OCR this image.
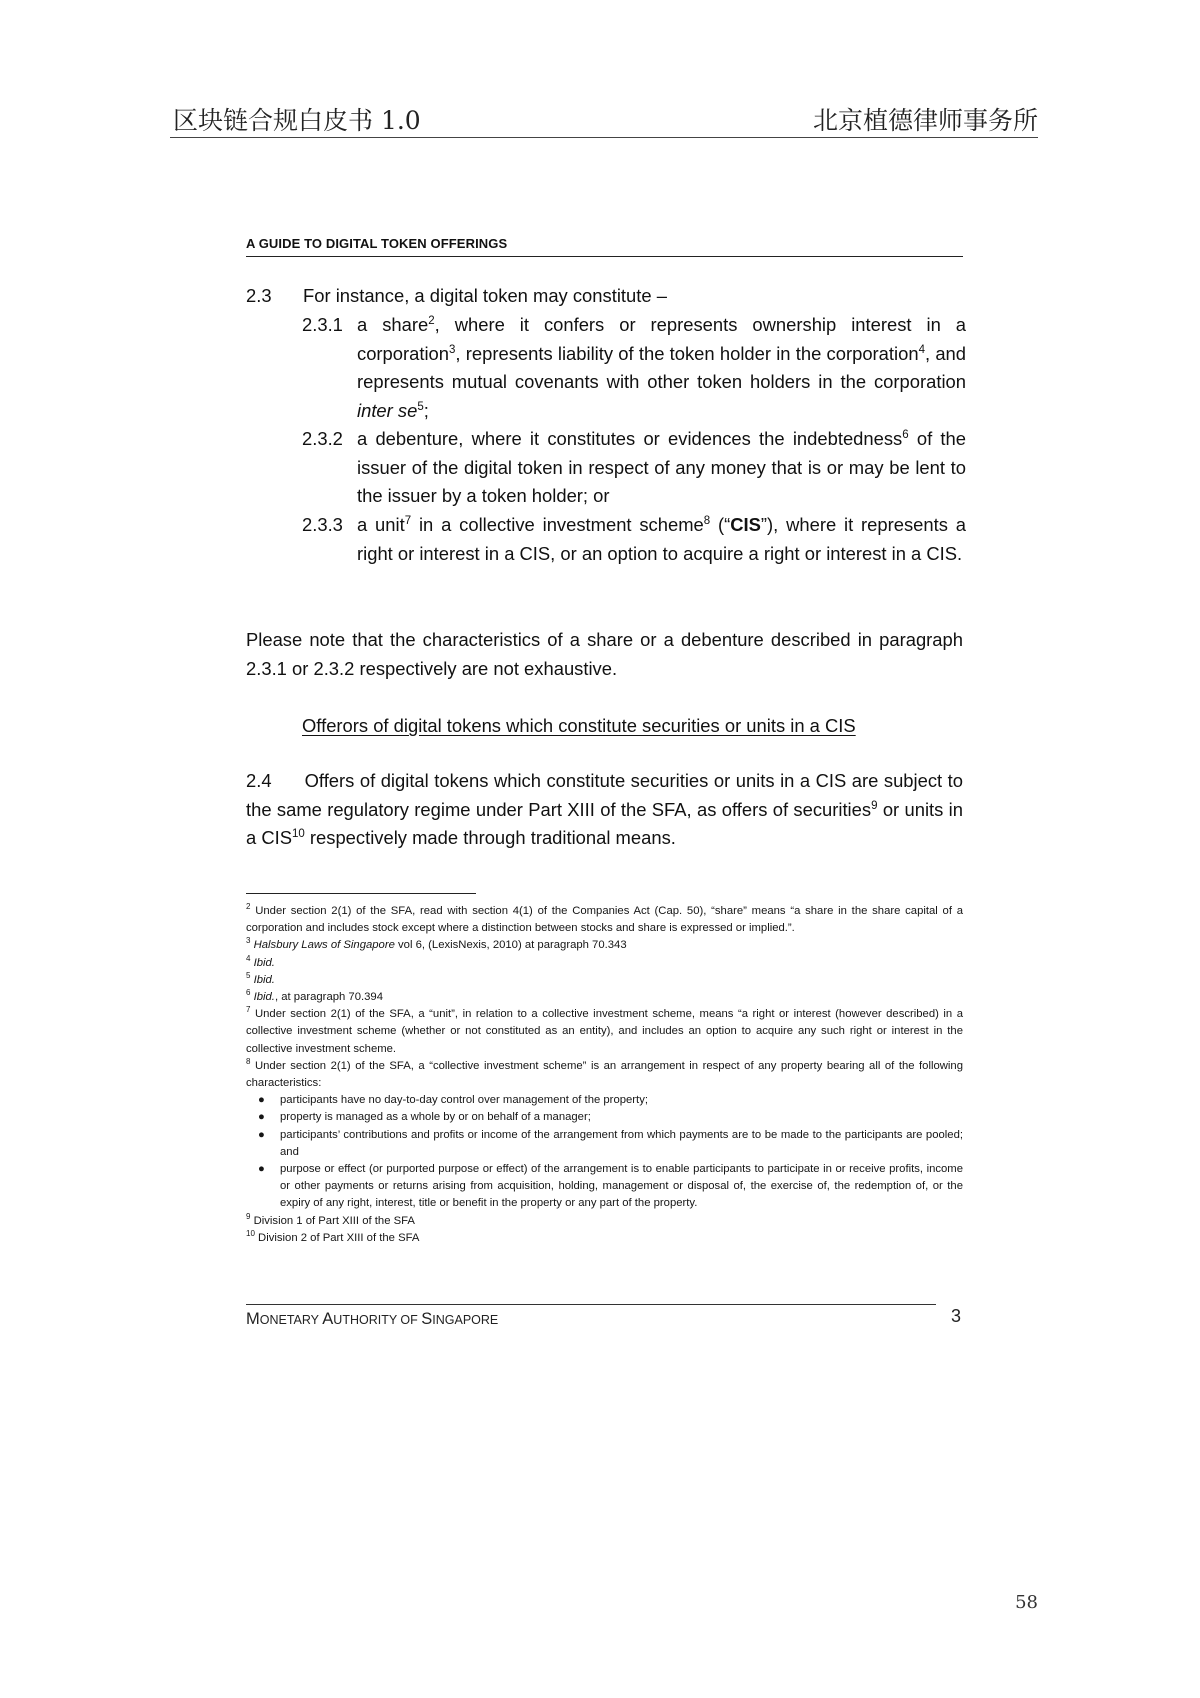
区块链合规白皮书 1.0	北京植德律师事务所
A GUIDE TO DIGITAL TOKEN OFFERINGS
2.3 For instance, a digital token may constitute –
2.3.1 a share$^2$, where it confers or represents ownership interest in a corporation$^3$, represents liability of the token holder in the corporation$^4$, and represents mutual covenants with other token holders in the corporation inter $se^5$;
2.3.2 a debenture, where it constitutes or evidences the indebtedness$^6$ of the issuer of the digital token in respect of any money that is or may be lent to the issuer by a token holder; or
2.3.3 a unit$^7$ in a collective investment scheme$^8$ (“CIS”), where it represents a right or interest in a CIS, or an option to acquire a right or interest in a CIS.
Please note that the characteristics of a share or a debenture described in paragraph 2.3.1 or 2.3.2 respectively are not exhaustive.
Offerors of digital tokens which constitute securities or units in a CIS
2.4 Offers of digital tokens which constitute securities or units in a CIS are subject to the same regulatory regime under Part XIII of the SFA, as offers of securities$^9$ or units in a CIS$^{10}$ respectively made through traditional means.
$^2$ Under section 2(1) of the SFA, read with section 4(1) of the Companies Act (Cap. 50), “share” means “a share in the share capital of a corporation and includes stock except where a distinction between stocks and share is expressed or implied.”.
$^3$ Halsbury Laws of Singapore vol 6, (LexisNexis, 2010) at paragraph 70.343
$^4$ Ibid.
$^5$ Ibid.
$^6$ Ibid., at paragraph 70.394
$^7$ Under section 2(1) of the SFA, a “unit”, in relation to a collective investment scheme, means “a right or interest (however described) in a collective investment scheme (whether or not constituted as an entity), and includes an option to acquire any such right or interest in the collective investment scheme.
$^8$ Under section 2(1) of the SFA, a “collective investment scheme” is an arrangement in respect of any property bearing all of the following characteristics:
● participants have no day-to-day control over management of the property;
● property is managed as a whole by or on behalf of a manager;
● participants’ contributions and profits or income of the arrangement from which payments are to be made to the participants are pooled; and
● purpose or effect (or purported purpose or effect) of the arrangement is to enable participants to participate in or receive profits, income or other payments or returns arising from acquisition, holding, management or disposal of, the exercise of, the redemption of, or the expiry of any right, interest, title or benefit in the property or any part of the property.
$^9$ Division 1 of Part XIII of the SFA
$^{10}$ Division 2 of Part XIII of the SFA
MONETARY AUTHORITY OF SINGAPORE	3
58
